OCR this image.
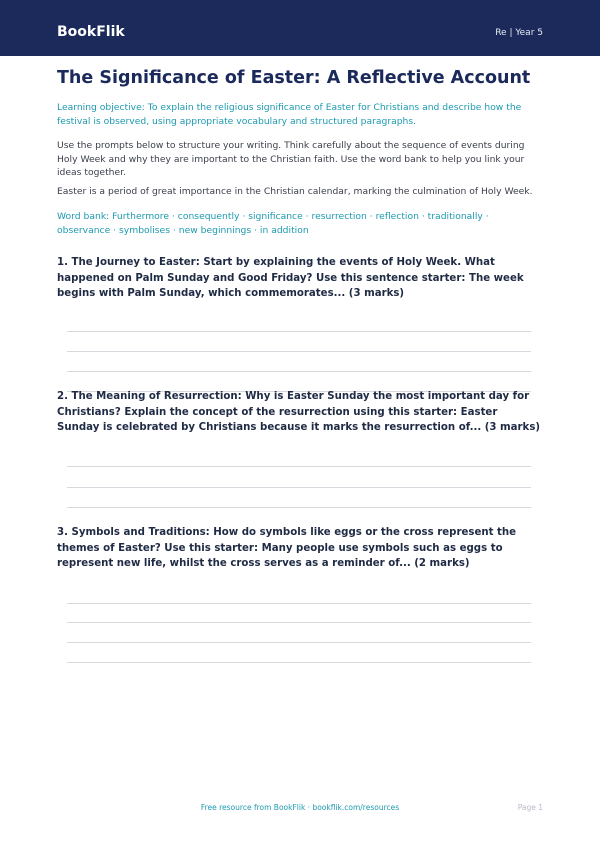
BookFlik	Re | Year 5
The Significance of Easter: A Reflective Account

Learning objective: To explain the religious significance of Easter for Christians and describe how the festival is observed, using appropriate vocabulary and structured paragraphs.

Use the prompts below to structure your writing. Think carefully about the sequence of events during Holy Week and why they are important to the Christian faith. Use the word bank to help you link your ideas together.

Easter is a period of great importance in the Christian calendar, marking the culmination of Holy Week.

Word bank: Furthermore · consequently · significance · resurrection · reflection · traditionally · observance · symbolises · new beginnings · in addition

1. The Journey to Easter: Start by explaining the events of Holy Week. What happened on Palm Sunday and Good Friday? Use this sentence starter: The week begins with Palm Sunday, which commemorates... (3 marks)

2. The Meaning of Resurrection: Why is Easter Sunday the most important day for Christians? Explain the concept of the resurrection using this starter: Easter Sunday is celebrated by Christians because it marks the resurrection of... (3 marks)

3. Symbols and Traditions: How do symbols like eggs or the cross represent the themes of Easter? Use this starter: Many people use symbols such as eggs to represent new life, whilst the cross serves as a reminder of... (2 marks)

Free resource from BookFlik · bookflik.com/resources	Page 1
